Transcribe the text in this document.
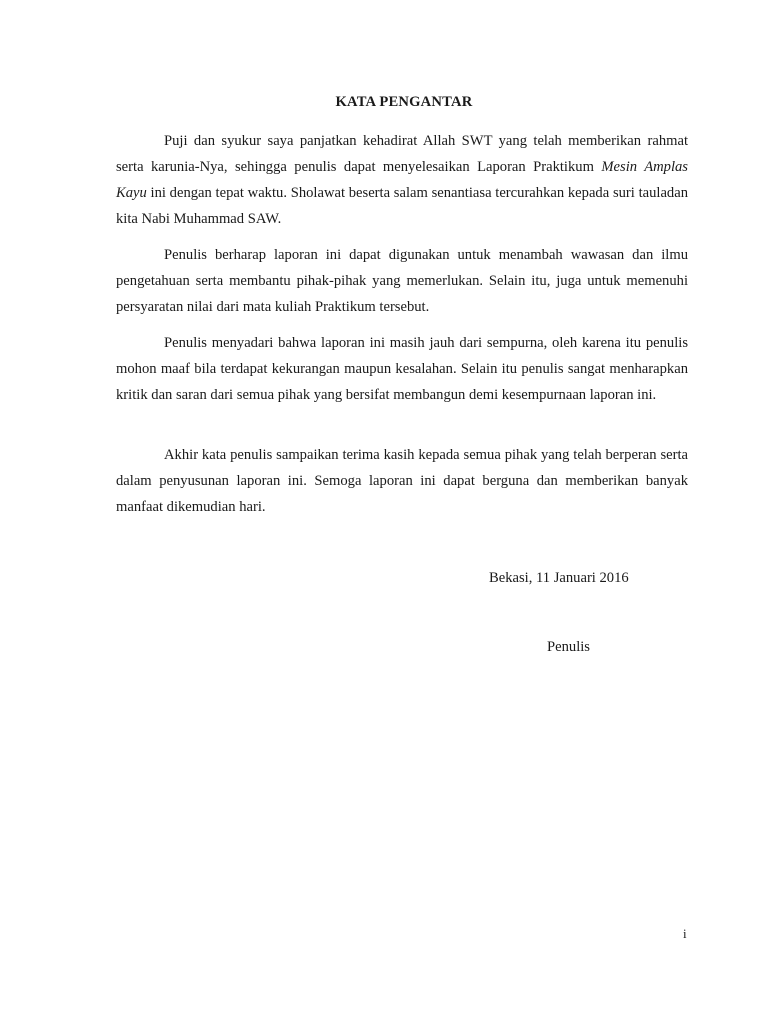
KATA PENGANTAR

Puji dan syukur saya panjatkan kehadirat Allah SWT yang telah memberikan rahmat serta karunia-Nya, sehingga penulis dapat menyelesaikan Laporan Praktikum Mesin Amplas Kayu ini dengan tepat waktu. Sholawat beserta salam senantiasa tercurahkan kepada suri tauladan kita Nabi Muhammad SAW.

Penulis berharap laporan ini dapat digunakan untuk menambah wawasan dan ilmu pengetahuan serta membantu pihak-pihak yang memerlukan. Selain itu, juga untuk memenuhi persyaratan nilai dari mata kuliah Praktikum tersebut.

Penulis menyadari bahwa laporan ini masih jauh dari sempurna, oleh karena itu penulis mohon maaf bila terdapat kekurangan maupun kesalahan. Selain itu penulis sangat menharapkan kritik dan saran dari semua pihak yang bersifat membangun demi kesempurnaan laporan ini.

Akhir kata penulis sampaikan terima kasih kepada semua pihak yang telah berperan serta dalam penyusunan laporan ini. Semoga laporan ini dapat berguna dan memberikan banyak manfaat dikemudian hari.

Bekasi, 11 Januari 2016
Penulis
i
